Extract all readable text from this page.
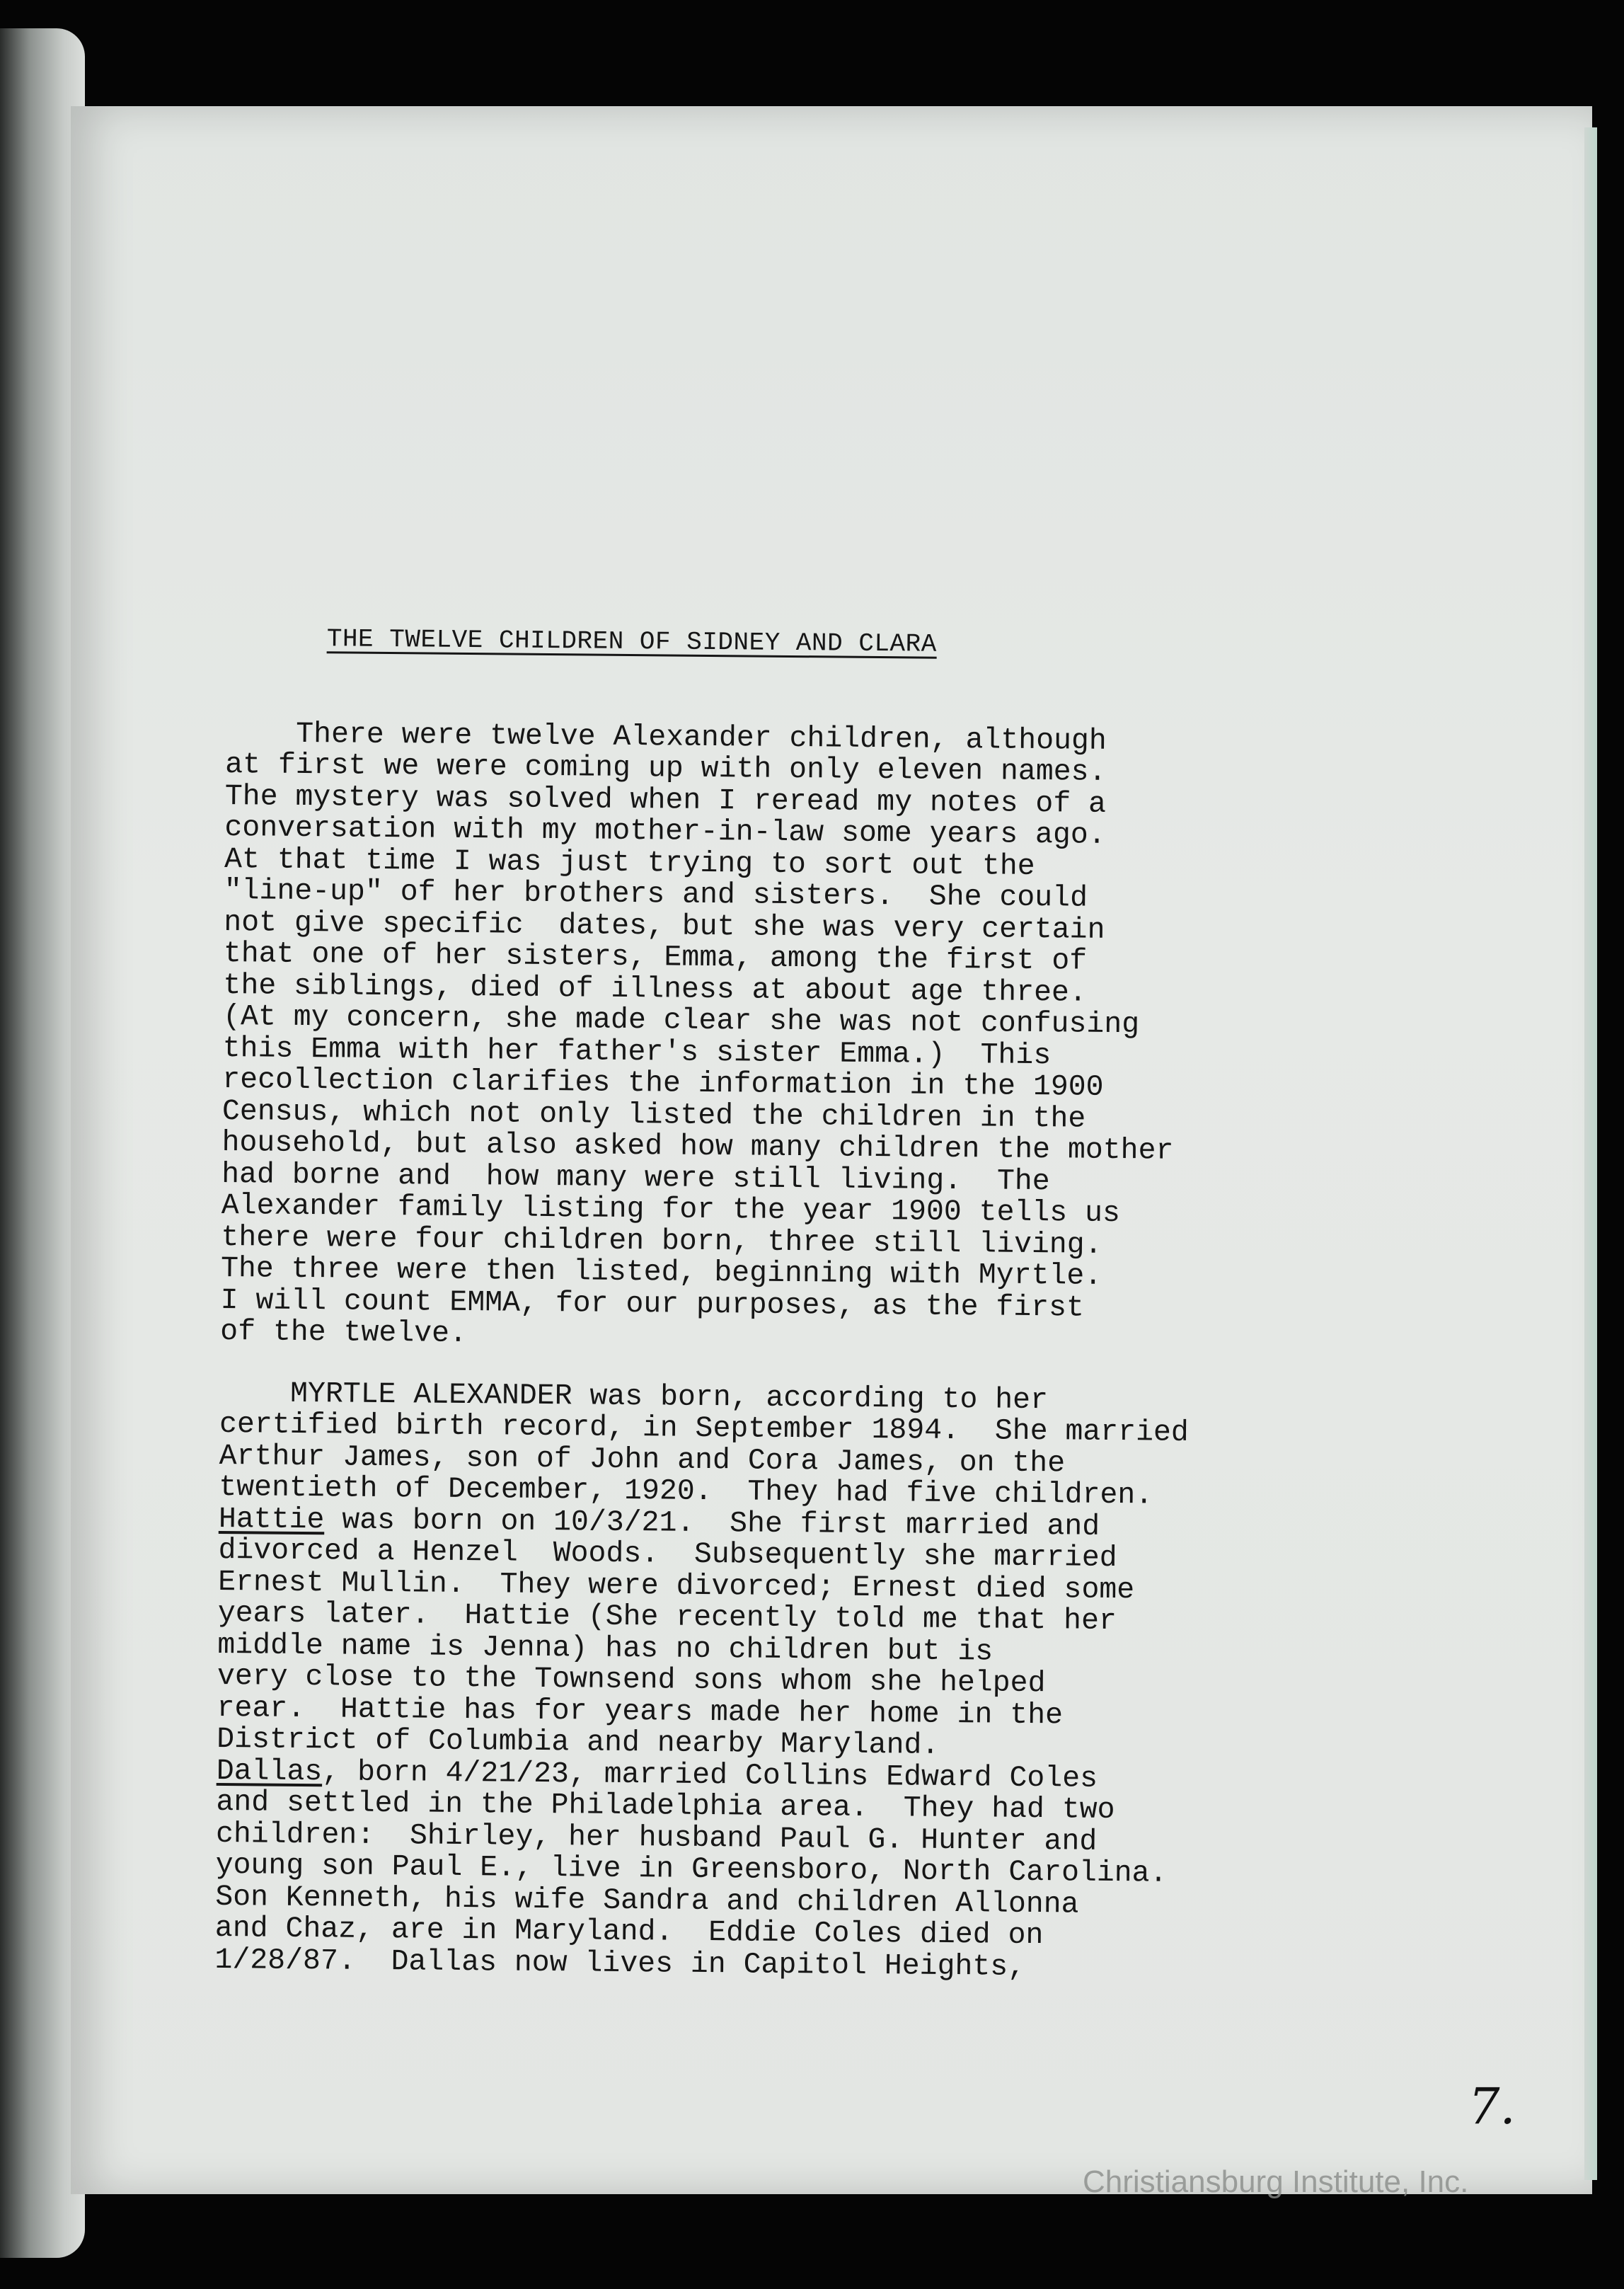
THE TWELVE CHILDREN OF SIDNEY AND CLARA

There were twelve Alexander children, although
at first we were coming up with only eleven names.
The mystery was solved when I reread my notes of a
conversation with my mother-in-law some years ago.
At that time I was just trying to sort out the
"line-up" of her brothers and sisters.  She could
not give specific  dates, but she was very certain
that one of her sisters, Emma, among the first of
the siblings, died of illness at about age three.
(At my concern, she made clear she was not confusing
this Emma with her father's sister Emma.)  This
recollection clarifies the information in the 1900
Census, which not only listed the children in the
household, but also asked how many children the mother
had borne and  how many were still living.  The
Alexander family listing for the year 1900 tells us
there were four children born, three still living.
The three were then listed, beginning with Myrtle.
I will count EMMA, for our purposes, as the first
of the twelve.

MYRTLE ALEXANDER was born, according to her
certified birth record, in September 1894.  She married
Arthur James, son of John and Cora James, on the
twentieth of December, 1920.  They had five children.
Hattie was born on 10/3/21.  She first married and
divorced a Henzel  Woods.  Subsequently she married
Ernest Mullin.  They were divorced; Ernest died some
years later.  Hattie (She recently told me that her
middle name is Jenna) has no children but is
very close to the Townsend sons whom she helped
rear.  Hattie has for years made her home in the
District of Columbia and nearby Maryland.
Dallas, born 4/21/23, married Collins Edward Coles
and settled in the Philadelphia area.  They had two
children:  Shirley, her husband Paul G. Hunter and
young son Paul E., live in Greensboro, North Carolina.
Son Kenneth, his wife Sandra and children Allonna
and Chaz, are in Maryland.  Eddie Coles died on
1/28/87.  Dallas now lives in Capitol Heights,

7.
Christiansburg Institute, Inc.
